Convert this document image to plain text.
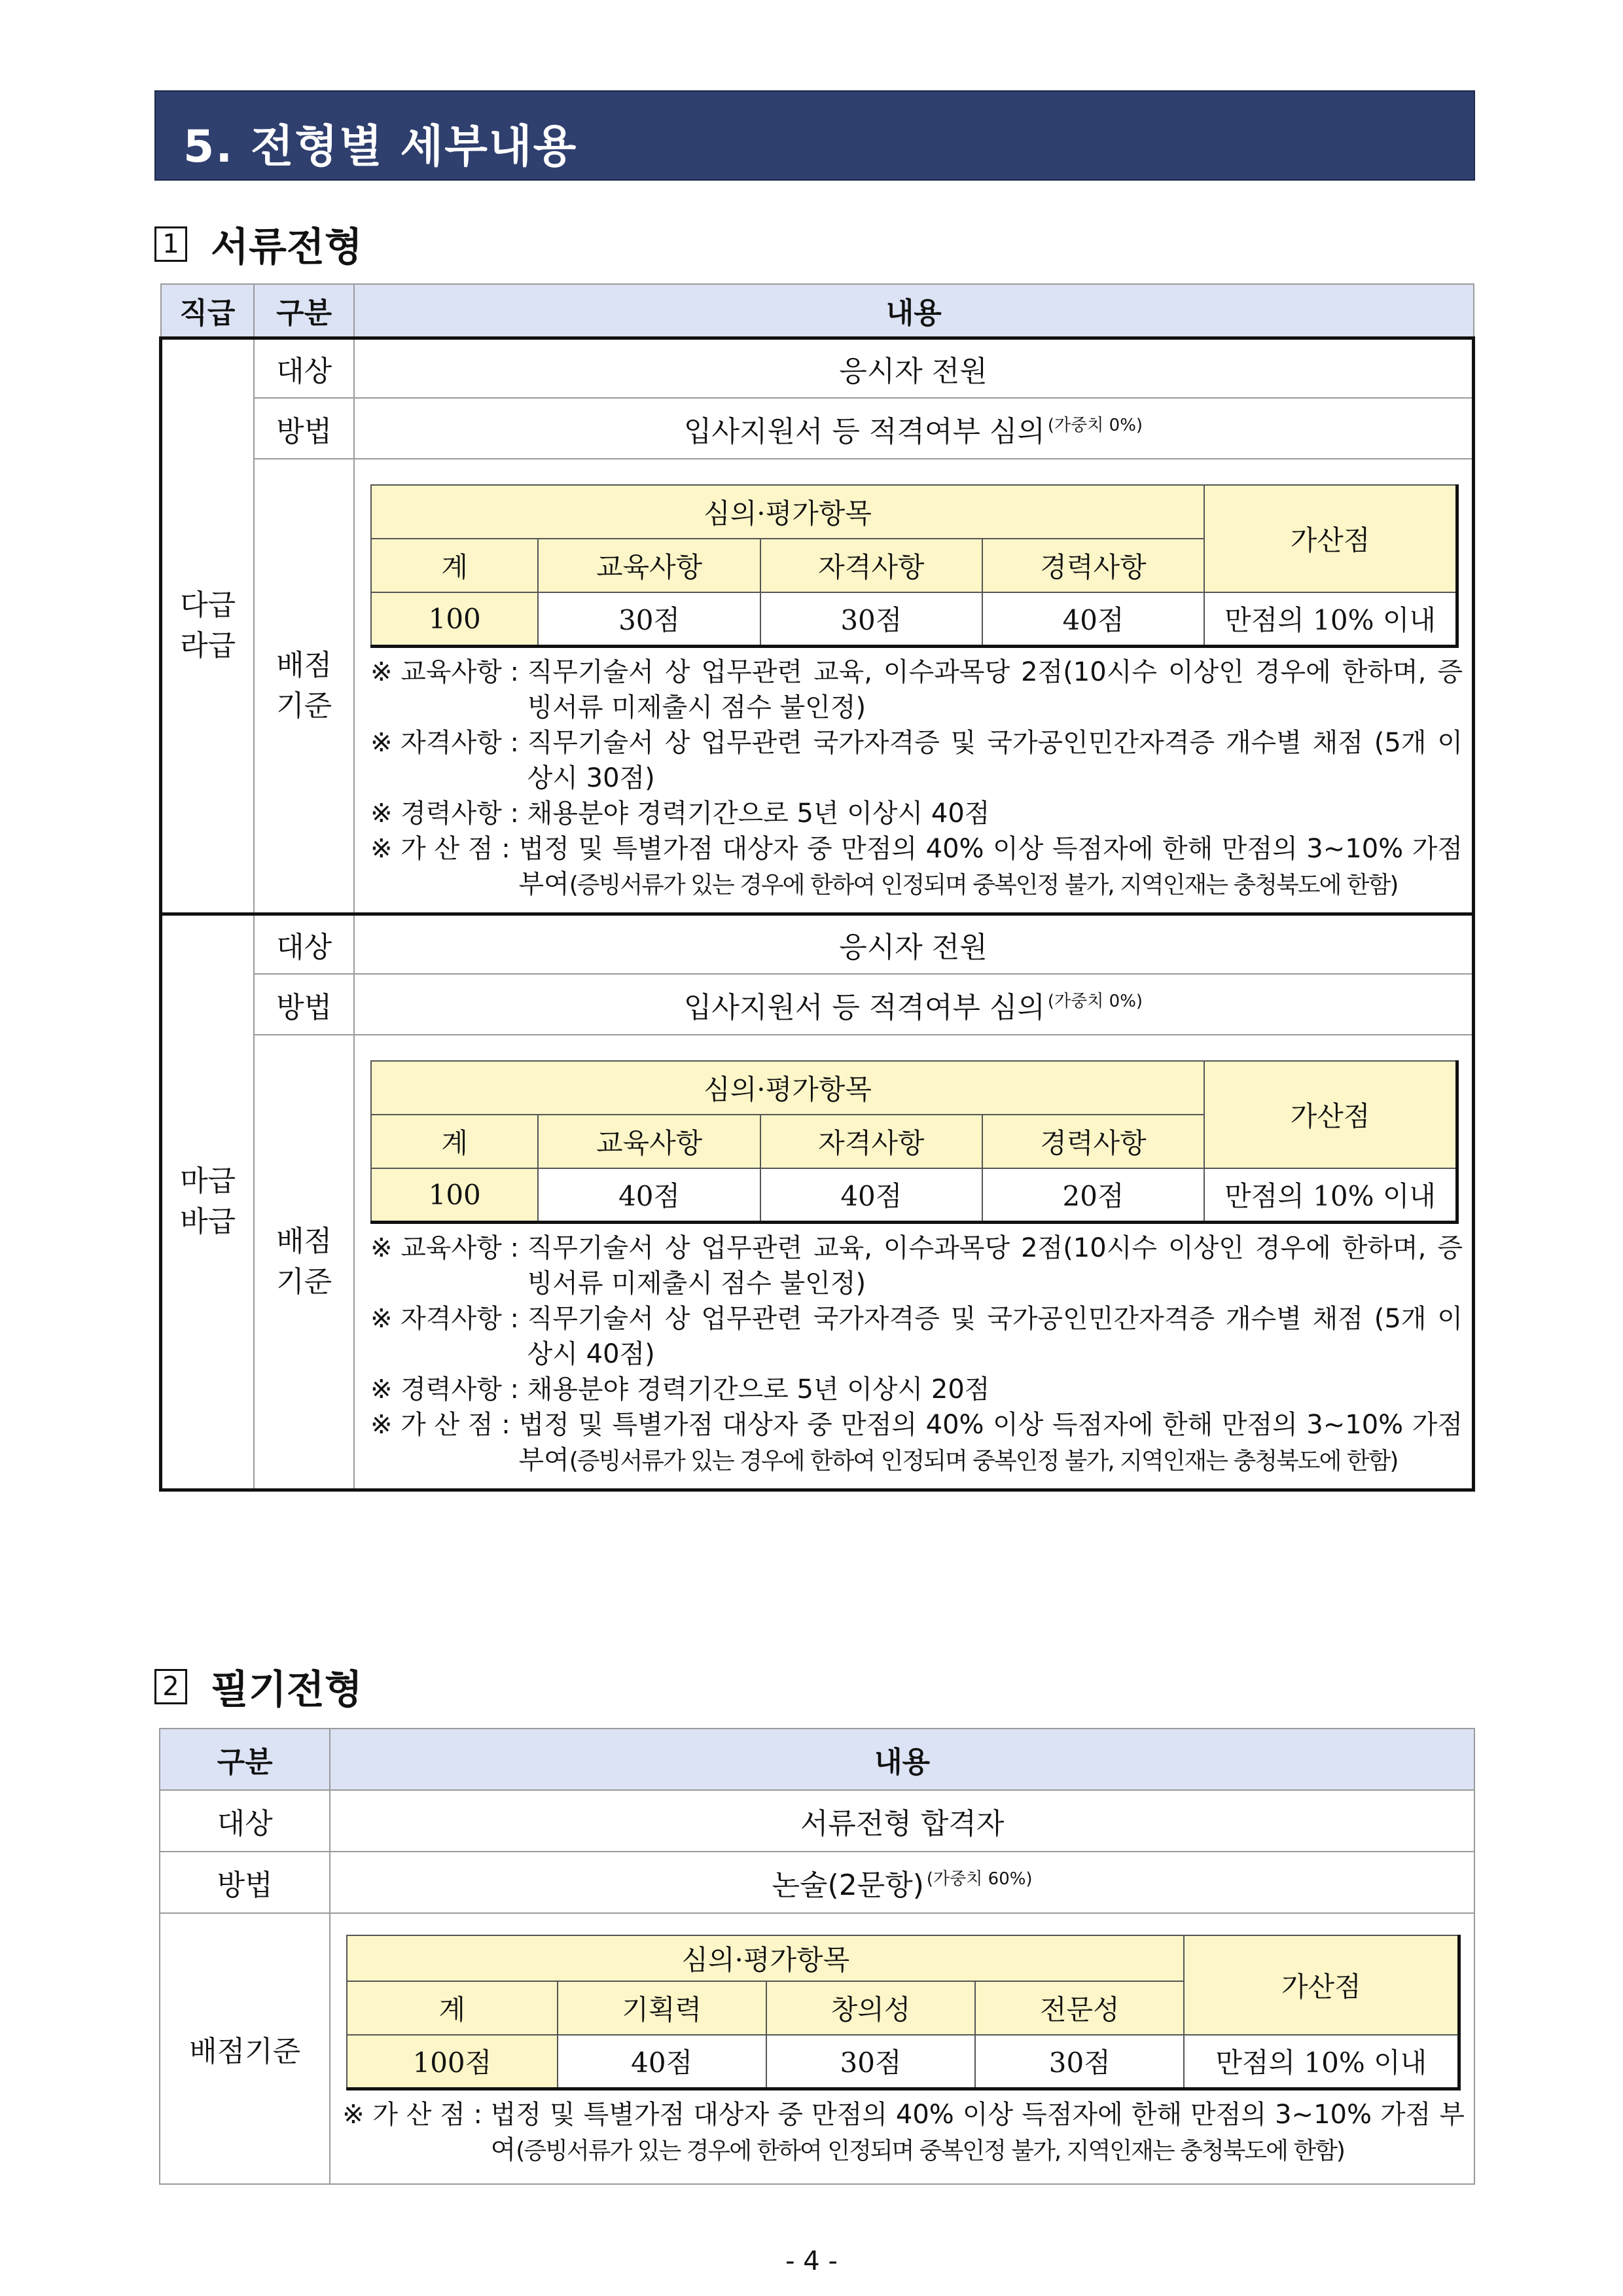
5. 전형별 세부내용
1 서류전형
직급	구분	내용

다급
라급
	대상	응시자 전원
방법	입사지원서 등 적격여부 심의 $^{(가중치 0\%)}$

배점
기준

심의·평가항목	가산점
계	교육사항	자격사항	경력사항
100	30점	30점	40점	만점의 10% 이내
※ 교육사항 : 직무기술서 상 업무관련 교육, 이수과목당 2점(10시수 이상인 경우에 한하며, 증빙서류 미제출시 점수 불인정)
※ 자격사항 : 직무기술서 상 업무관련 국가자격증 및 국가공인민간자격증 개수별 채점 (5개 이상시 30점)
※ 경력사항 : 채용분야 경력기간으로 5년 이상시 40점
※ 가 산 점 : 법정 및 특별가점 대상자 중 만점의 40% 이상 득점자에 한해 만점의 3~10% 가점 부여(증빙서류가 있는 경우에 한하여 인정되며 중복인정 불가, 지역인재는 충청북도에 한함)

마급
바급
	대상	응시자 전원
방법	입사지원서 등 적격여부 심의 $^{(가중치 0\%)}$

배점
기준

심의·평가항목	가산점
계	교육사항	자격사항	경력사항
100	40점	40점	20점	만점의 10% 이내
※ 교육사항 : 직무기술서 상 업무관련 교육, 이수과목당 2점(10시수 이상인 경우에 한하며, 증빙서류 미제출시 점수 불인정)
※ 자격사항 : 직무기술서 상 업무관련 국가자격증 및 국가공인민간자격증 개수별 채점 (5개 이상시 40점)
※ 경력사항 : 채용분야 경력기간으로 5년 이상시 20점
※ 가 산 점 : 법정 및 특별가점 대상자 중 만점의 40% 이상 득점자에 한해 만점의 3~10% 가점 부여(증빙서류가 있는 경우에 한하여 인정되며 중복인정 불가, 지역인재는 충청북도에 한함)
2 필기전형
구분	내용
대상	서류전형 합격자
방법	논술(2문항) $^{(가중치 60\%)}$
배점기준	
심의·평가항목	가산점
계	기획력	창의성	전문성
100점	40점	30점	30점	만점의 10% 이내
※ 가 산 점 : 법정 및 특별가점 대상자 중 만점의 40% 이상 득점자에 한해 만점의 3~10% 가점 부여(증빙서류가 있는 경우에 한하여 인정되며 중복인정 불가, 지역인재는 충청북도에 한함)
- 4 -
